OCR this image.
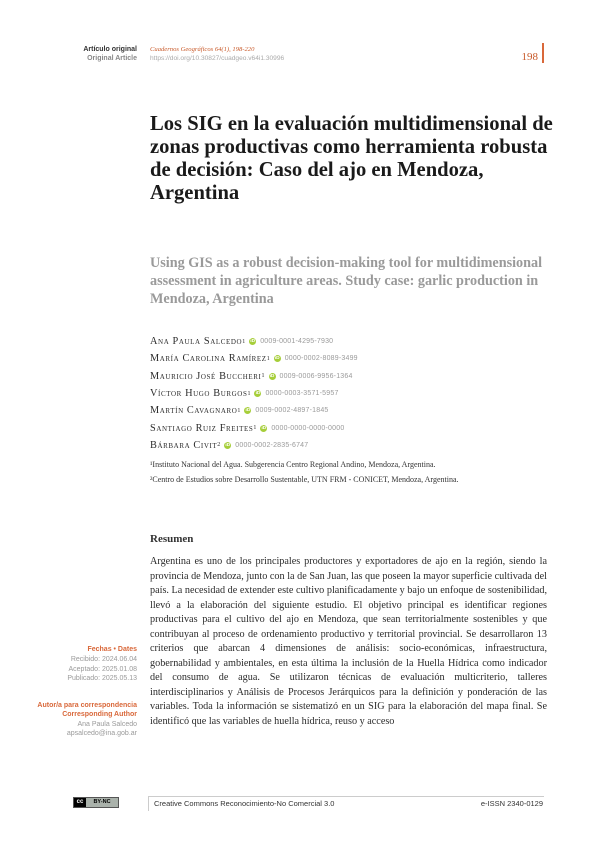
Artículo original
Original Article
Cuadernos Geográficos 64(1), 198-220
https://doi.org/10.30827/cuadgeo.v64i1.30996	198
Los SIG en la evaluación multidimensional de zonas productivas como herramienta robusta de decisión: Caso del ajo en Mendoza, Argentina
Using GIS as a robust decision-making tool for multidimensional assessment in agriculture areas. Study case: garlic production in Mendoza, Argentina
Ana Paula Salcedo 1 iD 0009-0001-4295-7930
María Carolina Ramírez 1 iD 0000-0002-8089-3499
Mauricio José Buccheri 1 iD 0009-0006-9956-1364
Víctor Hugo Burgos 1 iD 0000-0003-3571-5957
Martín Cavagnaro 1 iD 0009-0002-4897-1845
Santiago Ruiz Freites 1 iD 0000-0000-0000-0000
Bárbara Civit 2 iD 0000-0002-2835-6747
¹Instituto Nacional del Agua. Subgerencia Centro Regional Andino, Mendoza, Argentina.
²Centro de Estudios sobre Desarrollo Sustentable, UTN FRM - CONICET, Mendoza, Argentina.
Resumen
Argentina es uno de los principales productores y exportadores de ajo en la región, siendo la provincia de Mendoza, junto con la de San Juan, las que poseen la mayor superficie cultivada del país. La necesidad de extender este cultivo planificadamente y bajo un enfoque de sostenibilidad, llevó a la elaboración del siguiente estudio. El objetivo principal es identificar regiones productivas para el cultivo del ajo en Mendoza, que sean territorialmente sostenibles y que contribuyan al proceso de ordenamiento productivo y territorial provincial. Se desarrollaron 13 criterios que abarcan 4 dimensiones de análisis: socio-económicas, infraestructura, gobernabilidad y ambientales, en esta última la inclusión de la Huella Hídrica como indicador del consumo de agua. Se utilizaron técnicas de evaluación multicriterio, talleres interdisciplinarios y Análisis de Procesos Jerárquicos para la definición y ponderación de las variables. Toda la información se sistematizó en un SIG para la elaboración del mapa final. Se identificó que las variables de huella hídrica, reuso y acceso
Fechas • Dates
Recibido: 2024.06.04
Aceptado: 2025.01.08
Publicado: 2025.05.13
Autor/a para correspondencia
Corresponding Author
Ana Paula Salcedo
apsalcedo@ina.gob.ar
cc	BY-NC	Creative Commons Reconocimiento-No Comercial 3.0	e-ISSN 2340-0129
